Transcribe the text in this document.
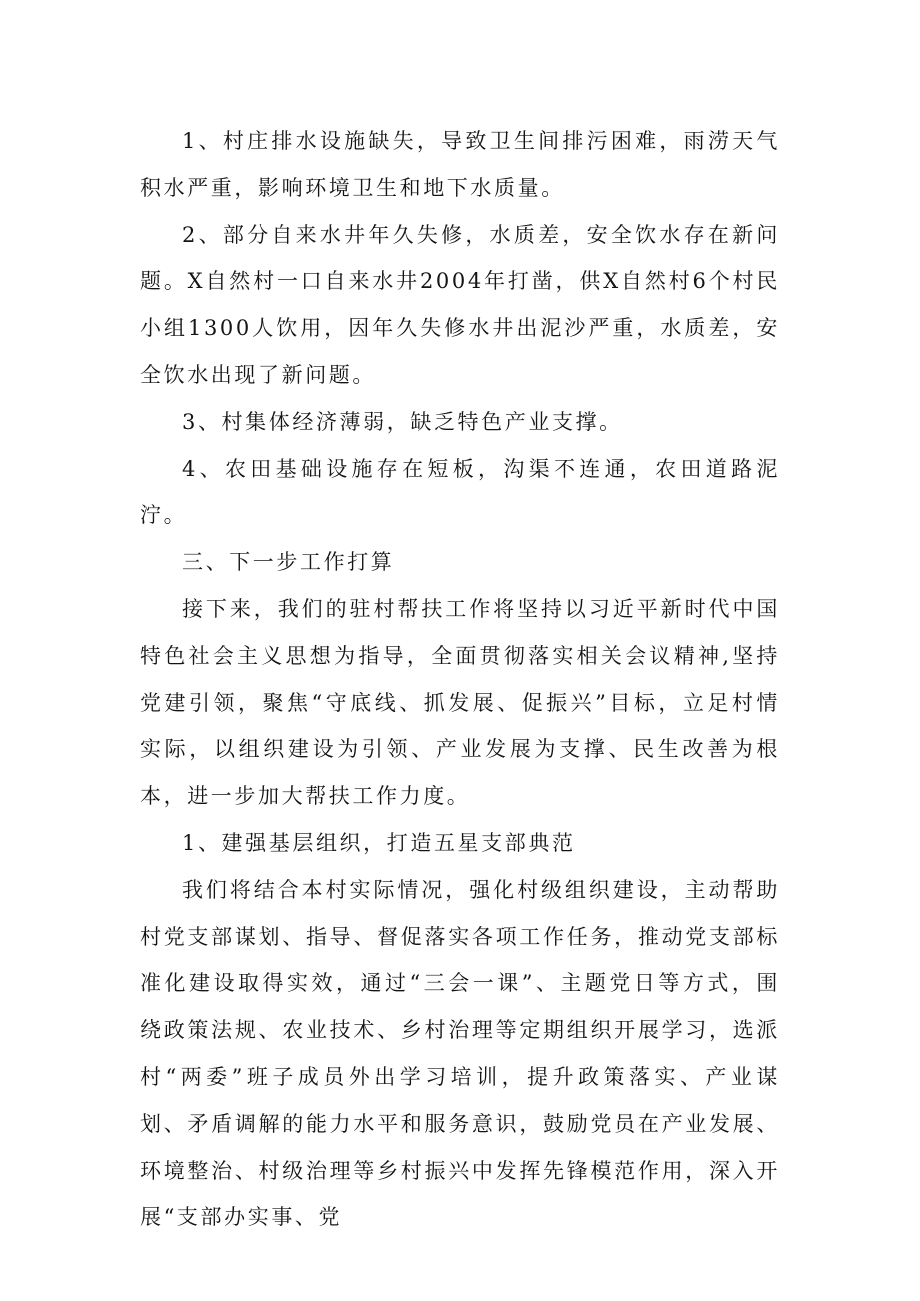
1、村庄排水设施缺失，导致卫生间排污困难，雨涝天气积水严重，影响环境卫生和地下水质量。

2、部分自来水井年久失修，水质差，安全饮水存在新问题。X自然村一口自来水井2004年打凿，供X自然村6个村民小组1300人饮用，因年久失修水井出泥沙严重，水质差，安全饮水出现了新问题。

3、村集体经济薄弱，缺乏特色产业支撑。

4、农田基础设施存在短板，沟渠不连通，农田道路泥泞。

三、下一步工作打算

接下来，我们的驻村帮扶工作将坚持以习近平新时代中国特色社会主义思想为指导，全面贯彻落实相关会议精神,坚持党建引领，聚焦“守底线、抓发展、促振兴”目标，立足村情实际，以组织建设为引领、产业发展为支撑、民生改善为根本，进一步加大帮扶工作力度。

1、建强基层组织，打造五星支部典范

我们将结合本村实际情况，强化村级组织建设，主动帮助村党支部谋划、指导、督促落实各项工作任务，推动党支部标准化建设取得实效，通过“三会一课”、主题党日等方式，围绕政策法规、农业技术、乡村治理等定期组织开展学习，选派村“两委”班子成员外出学习培训，提升政策落实、产业谋划、矛盾调解的能力水平和服务意识，鼓励党员在产业发展、环境整治、村级治理等乡村振兴中发挥先锋模范作用，深入开展“支部办实事、党
